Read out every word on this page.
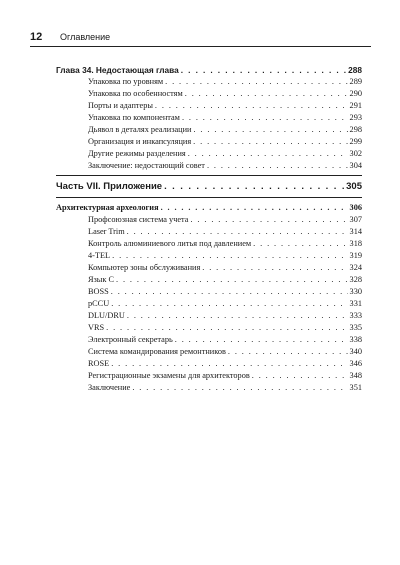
12	Оглавление
Глава 34. Недостающая глава . . .	288
Упаковка по уровням . . .	289
Упаковка по особенностям . . .	290
Порты и адаптеры . . .	291
Упаковка по компонентам . . .	293
Дьявол в деталях реализации . . .	298
Организация и инкапсуляция . . .	299
Другие режимы разделения . . .	302
Заключение: недостающий совет . . .	304
Часть VII. Приложение . . .	305
Архитектурная археология . . .	306
Профсоюзная система учета . . .	307
Laser Trim . . .	314
Контроль алюминиевого литья под давлением . . .	318
4-TEL . . .	319
Компьютер зоны обслуживания . . .	324
Язык C . . .	328
BOSS . . .	330
pCCU . . .	331
DLU/DRU . . .	333
VRS . . .	335
Электронный секретарь . . .	338
Система командирования ремонтников . . .	340
ROSE . . .	346
Регистрационные экзамены для архитекторов . . .	348
Заключение . . .	351
